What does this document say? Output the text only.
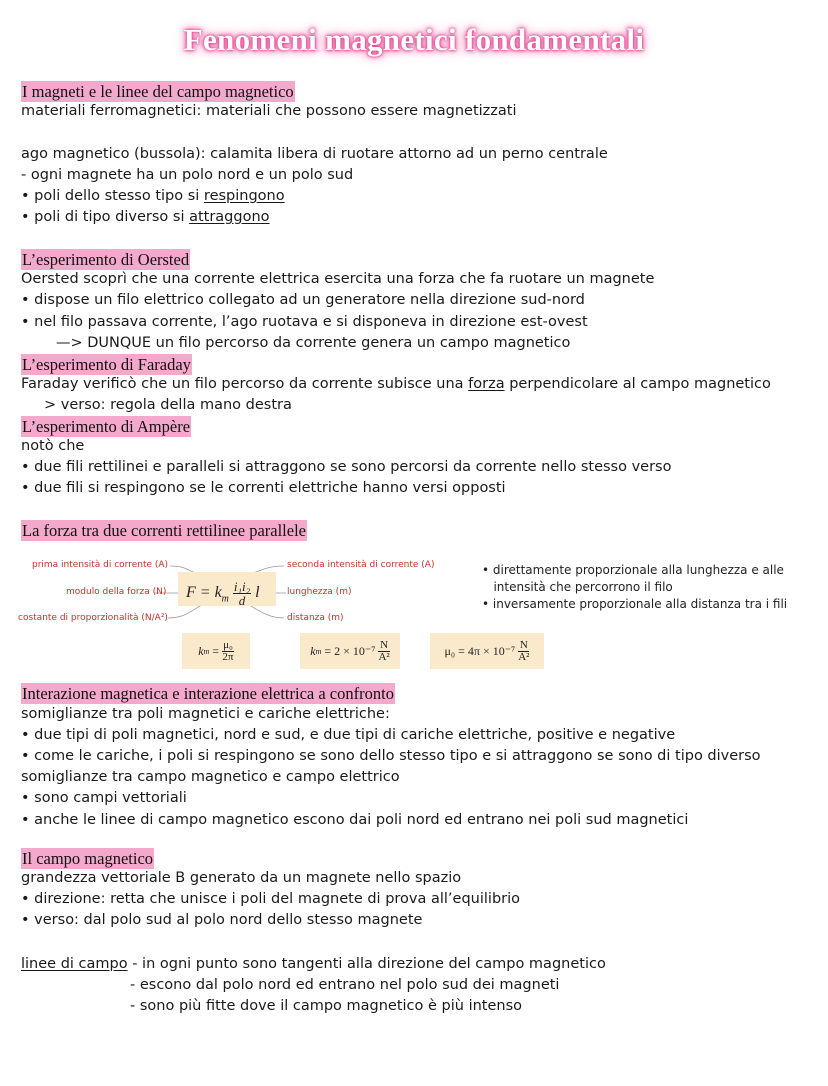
Fenomeni magnetici fondamentali
I magneti e le linee del campo magnetico
materiali ferromagnetici: materiali che possono essere magnetizzati
ago magnetico (bussola): calamita libera di ruotare attorno ad un perno centrale
- ogni magnete ha un polo nord e un polo sud
• poli dello stesso tipo si respingono
• poli di tipo diverso si attraggono
L’esperimento di Oersted
Oersted scoprì che una corrente elettrica esercita una forza che fa ruotare un magnete
• dispose un filo elettrico collegato ad un generatore nella direzione sud-nord
• nel filo passava corrente, l’ago ruotava e si disponeva in direzione est-ovest
—> DUNQUE un filo percorso da corrente genera un campo magnetico
L’esperimento di Faraday
Faraday verificò che un filo percorso da corrente subisce una forza perpendicolare al campo magnetico
> verso: regola della mano destra
L’esperimento di Ampère
notò che
• due fili rettilinei e paralleli si attraggono se sono percorsi da corrente nello stesso verso
• due fili si respingono se le correnti elettriche hanno versi opposti
La forza tra due correnti rettilinee parallele
prima intensità di corrente (A)
modulo della forza (N)
costante di proporzionalità (N/A²)
seconda intensità di corrente (A)
lunghezza (m)
distanza (m)
$F = k_m \frac{\text{i₁i₂}}{d}$ l
k $m = \frac{\text{μ₀}}{2\pi}$	k m
= 2 × 10⁻⁷
$\frac{N}{\text{A²}}$	μ₀ = 4π × 10⁻⁷
$\frac{N}{\text{A²}}$
• direttamente proporzionale alla lunghezza e alle
intensità che percorrono il filo
• inversamente proporzionale alla distanza tra i fili
Interazione magnetica e interazione elettrica a confronto
somiglianze tra poli magnetici e cariche elettriche:
• due tipi di poli magnetici, nord e sud, e due tipi di cariche elettriche, positive e negative
• come le cariche, i poli si respingono se sono dello stesso tipo e si attraggono se sono di tipo diverso
somiglianze tra campo magnetico e campo elettrico
• sono campi vettoriali
• anche le linee di campo magnetico escono dai poli nord ed entrano nei poli sud magnetici
Il campo magnetico
grandezza vettoriale B generato da un magnete nello spazio
• direzione: retta che unisce i poli del magnete di prova all’equilibrio
• verso: dal polo sud al polo nord dello stesso magnete
linee di campo - in ogni punto sono tangenti alla direzione del campo magnetico
- escono dal polo nord ed entrano nel polo sud dei magneti
- sono più fitte dove il campo magnetico è più intenso
